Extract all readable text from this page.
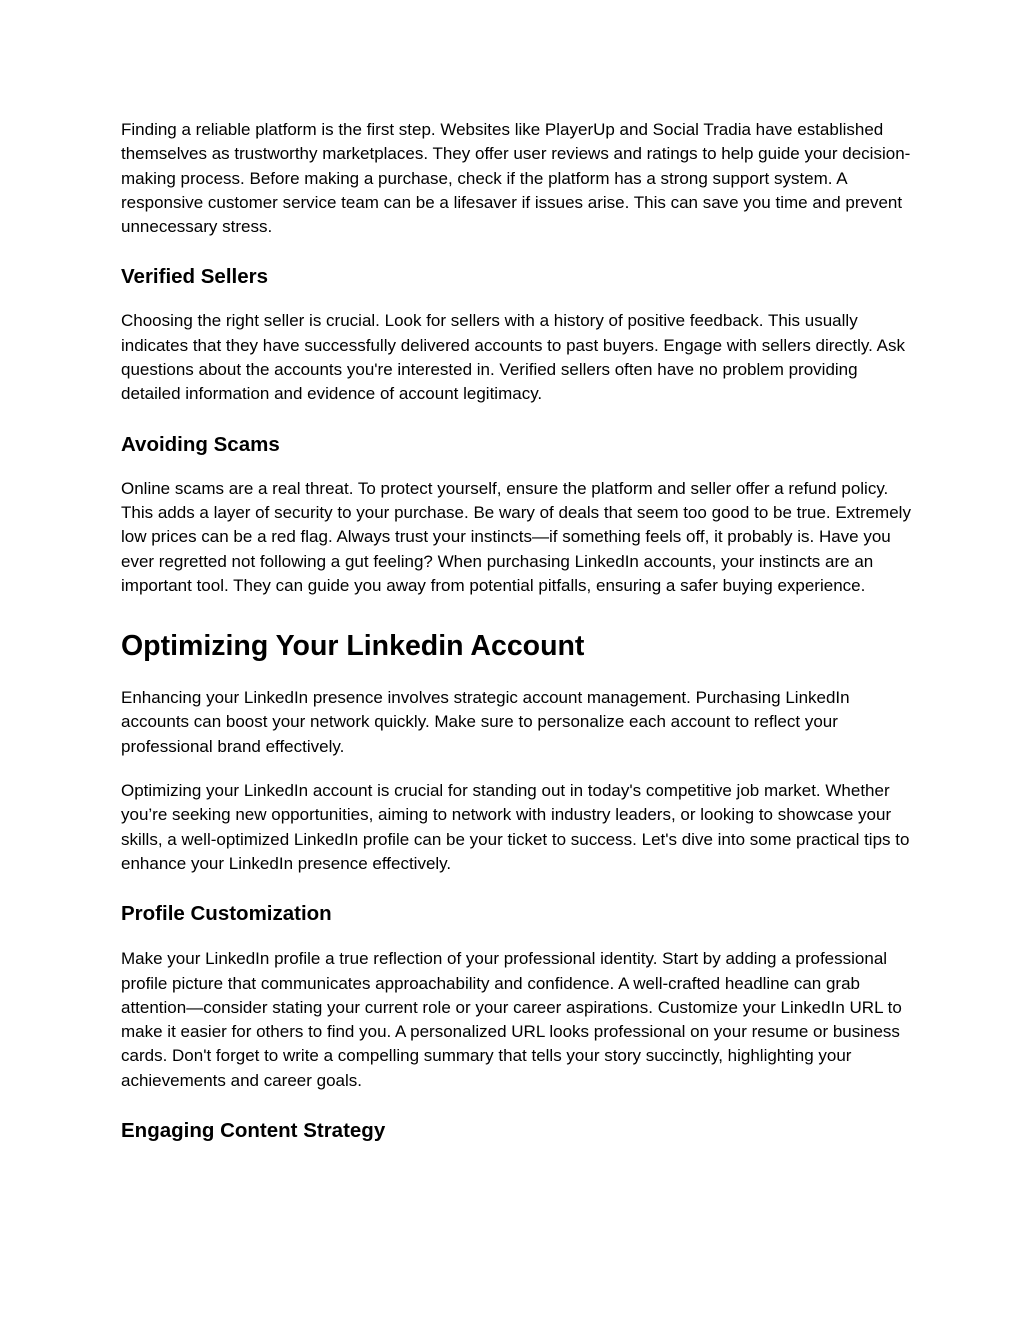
Finding a reliable platform is the first step. Websites like PlayerUp and Social Tradia have established themselves as trustworthy marketplaces. They offer user reviews and ratings to help guide your decision-making process. Before making a purchase, check if the platform has a strong support system. A responsive customer service team can be a lifesaver if issues arise. This can save you time and prevent unnecessary stress.

Verified Sellers

Choosing the right seller is crucial. Look for sellers with a history of positive feedback. This usually indicates that they have successfully delivered accounts to past buyers. Engage with sellers directly. Ask questions about the accounts you're interested in. Verified sellers often have no problem providing detailed information and evidence of account legitimacy.

Avoiding Scams

Online scams are a real threat. To protect yourself, ensure the platform and seller offer a refund policy. This adds a layer of security to your purchase. Be wary of deals that seem too good to be true. Extremely low prices can be a red flag. Always trust your instincts—if something feels off, it probably is. Have you ever regretted not following a gut feeling? When purchasing LinkedIn accounts, your instincts are an important tool. They can guide you away from potential pitfalls, ensuring a safer buying experience.

Optimizing Your Linkedin Account

Enhancing your LinkedIn presence involves strategic account management. Purchasing LinkedIn accounts can boost your network quickly. Make sure to personalize each account to reflect your professional brand effectively.

Optimizing your LinkedIn account is crucial for standing out in today's competitive job market. Whether you’re seeking new opportunities, aiming to network with industry leaders, or looking to showcase your skills, a well-optimized LinkedIn profile can be your ticket to success. Let's dive into some practical tips to enhance your LinkedIn presence effectively.

Profile Customization

Make your LinkedIn profile a true reflection of your professional identity. Start by adding a professional profile picture that communicates approachability and confidence. A well-crafted headline can grab attention—consider stating your current role or your career aspirations. Customize your LinkedIn URL to make it easier for others to find you. A personalized URL looks professional on your resume or business cards. Don't forget to write a compelling summary that tells your story succinctly, highlighting your achievements and career goals.

Engaging Content Strategy
